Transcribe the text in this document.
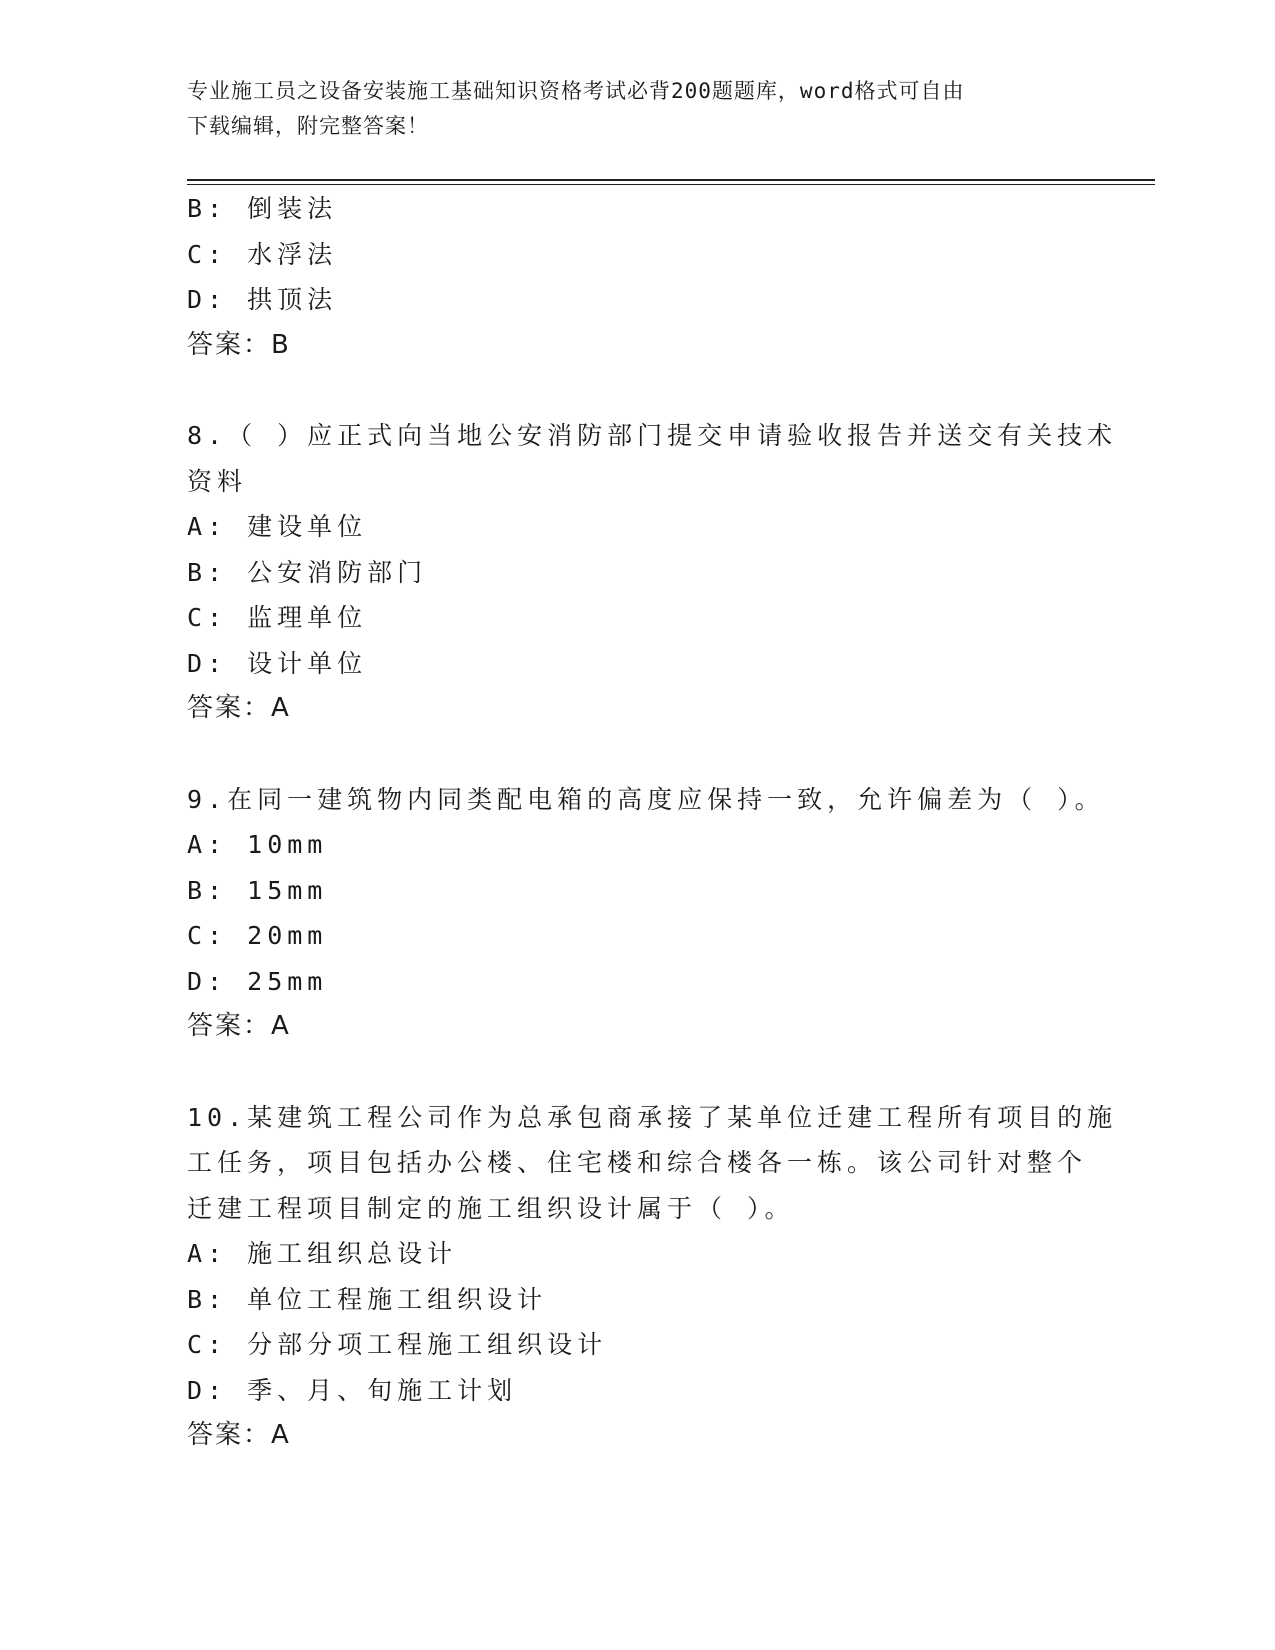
专业施工员之设备安装施工基础知识资格考试必背200题题库，word格式可自由
下载编辑，附完整答案！
B: 倒装法
C: 水浮法
D: 拱顶法
答案：B
8.（ ）应正式向当地公安消防部门提交申请验收报告并送交有关技术
资料
A: 建设单位
B: 公安消防部门
C: 监理单位
D: 设计单位
答案：A
9.在同一建筑物内同类配电箱的高度应保持一致，允许偏差为（ ）。
A: 10mm
B: 15mm
C: 20mm
D: 25mm
答案：A
10.某建筑工程公司作为总承包商承接了某单位迁建工程所有项目的施
工任务，项目包括办公楼、住宅楼和综合楼各一栋。该公司针对整个
迁建工程项目制定的施工组织设计属于（ ）。
A: 施工组织总设计
B: 单位工程施工组织设计
C: 分部分项工程施工组织设计
D: 季、月、旬施工计划
答案：A
